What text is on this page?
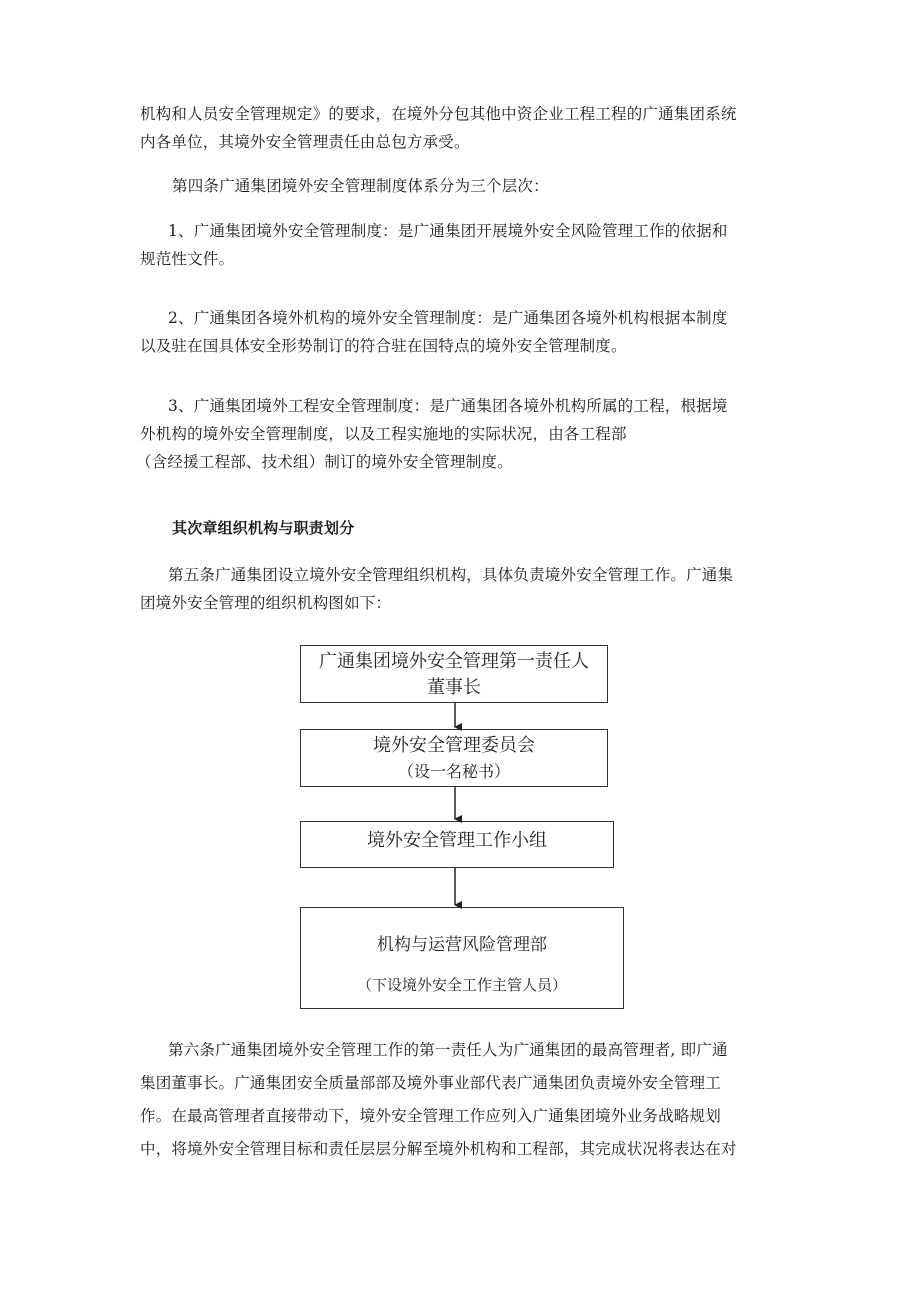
机构和人员安全管理规定》的要求，在境外分包其他中资企业工程工程的广通集团系统
内各单位，其境外安全管理责任由总包方承受。
第四条广通集团境外安全管理制度体系分为三个层次：
1、广通集团境外安全管理制度：是广通集团开展境外安全风险管理工作的依据和
规范性文件。
2、广通集团各境外机构的境外安全管理制度：是广通集团各境外机构根据本制度
以及驻在国具体安全形势制订的符合驻在国特点的境外安全管理制度。
3、广通集团境外工程安全管理制度：是广通集团各境外机构所属的工程，根据境
外机构的境外安全管理制度，以及工程实施地的实际状况，由各工程部
（含经援工程部、技术组）制订的境外安全管理制度。
其次章组织机构与职责划分
第五条广通集团设立境外安全管理组织机构，具体负责境外安全管理工作。广通集
团境外安全管理的组织机构图如下：
广通集团境外安全管理第一责任人
董事长
境外安全管理委员会
（设一名秘书）
境外安全管理工作小组
机构与运营风险管理部
（下设境外安全工作主管人员）
第六条广通集团境外安全管理工作的第一责任人为广通集团的最高管理者, 即广通
集团董事长。广通集团安全质量部部及境外事业部代表广通集团负责境外安全管理工
作。在最高管理者直接带动下，境外安全管理工作应列入广通集团境外业务战略规划
中，将境外安全管理目标和责任层层分解至境外机构和工程部，其完成状况将表达在对
